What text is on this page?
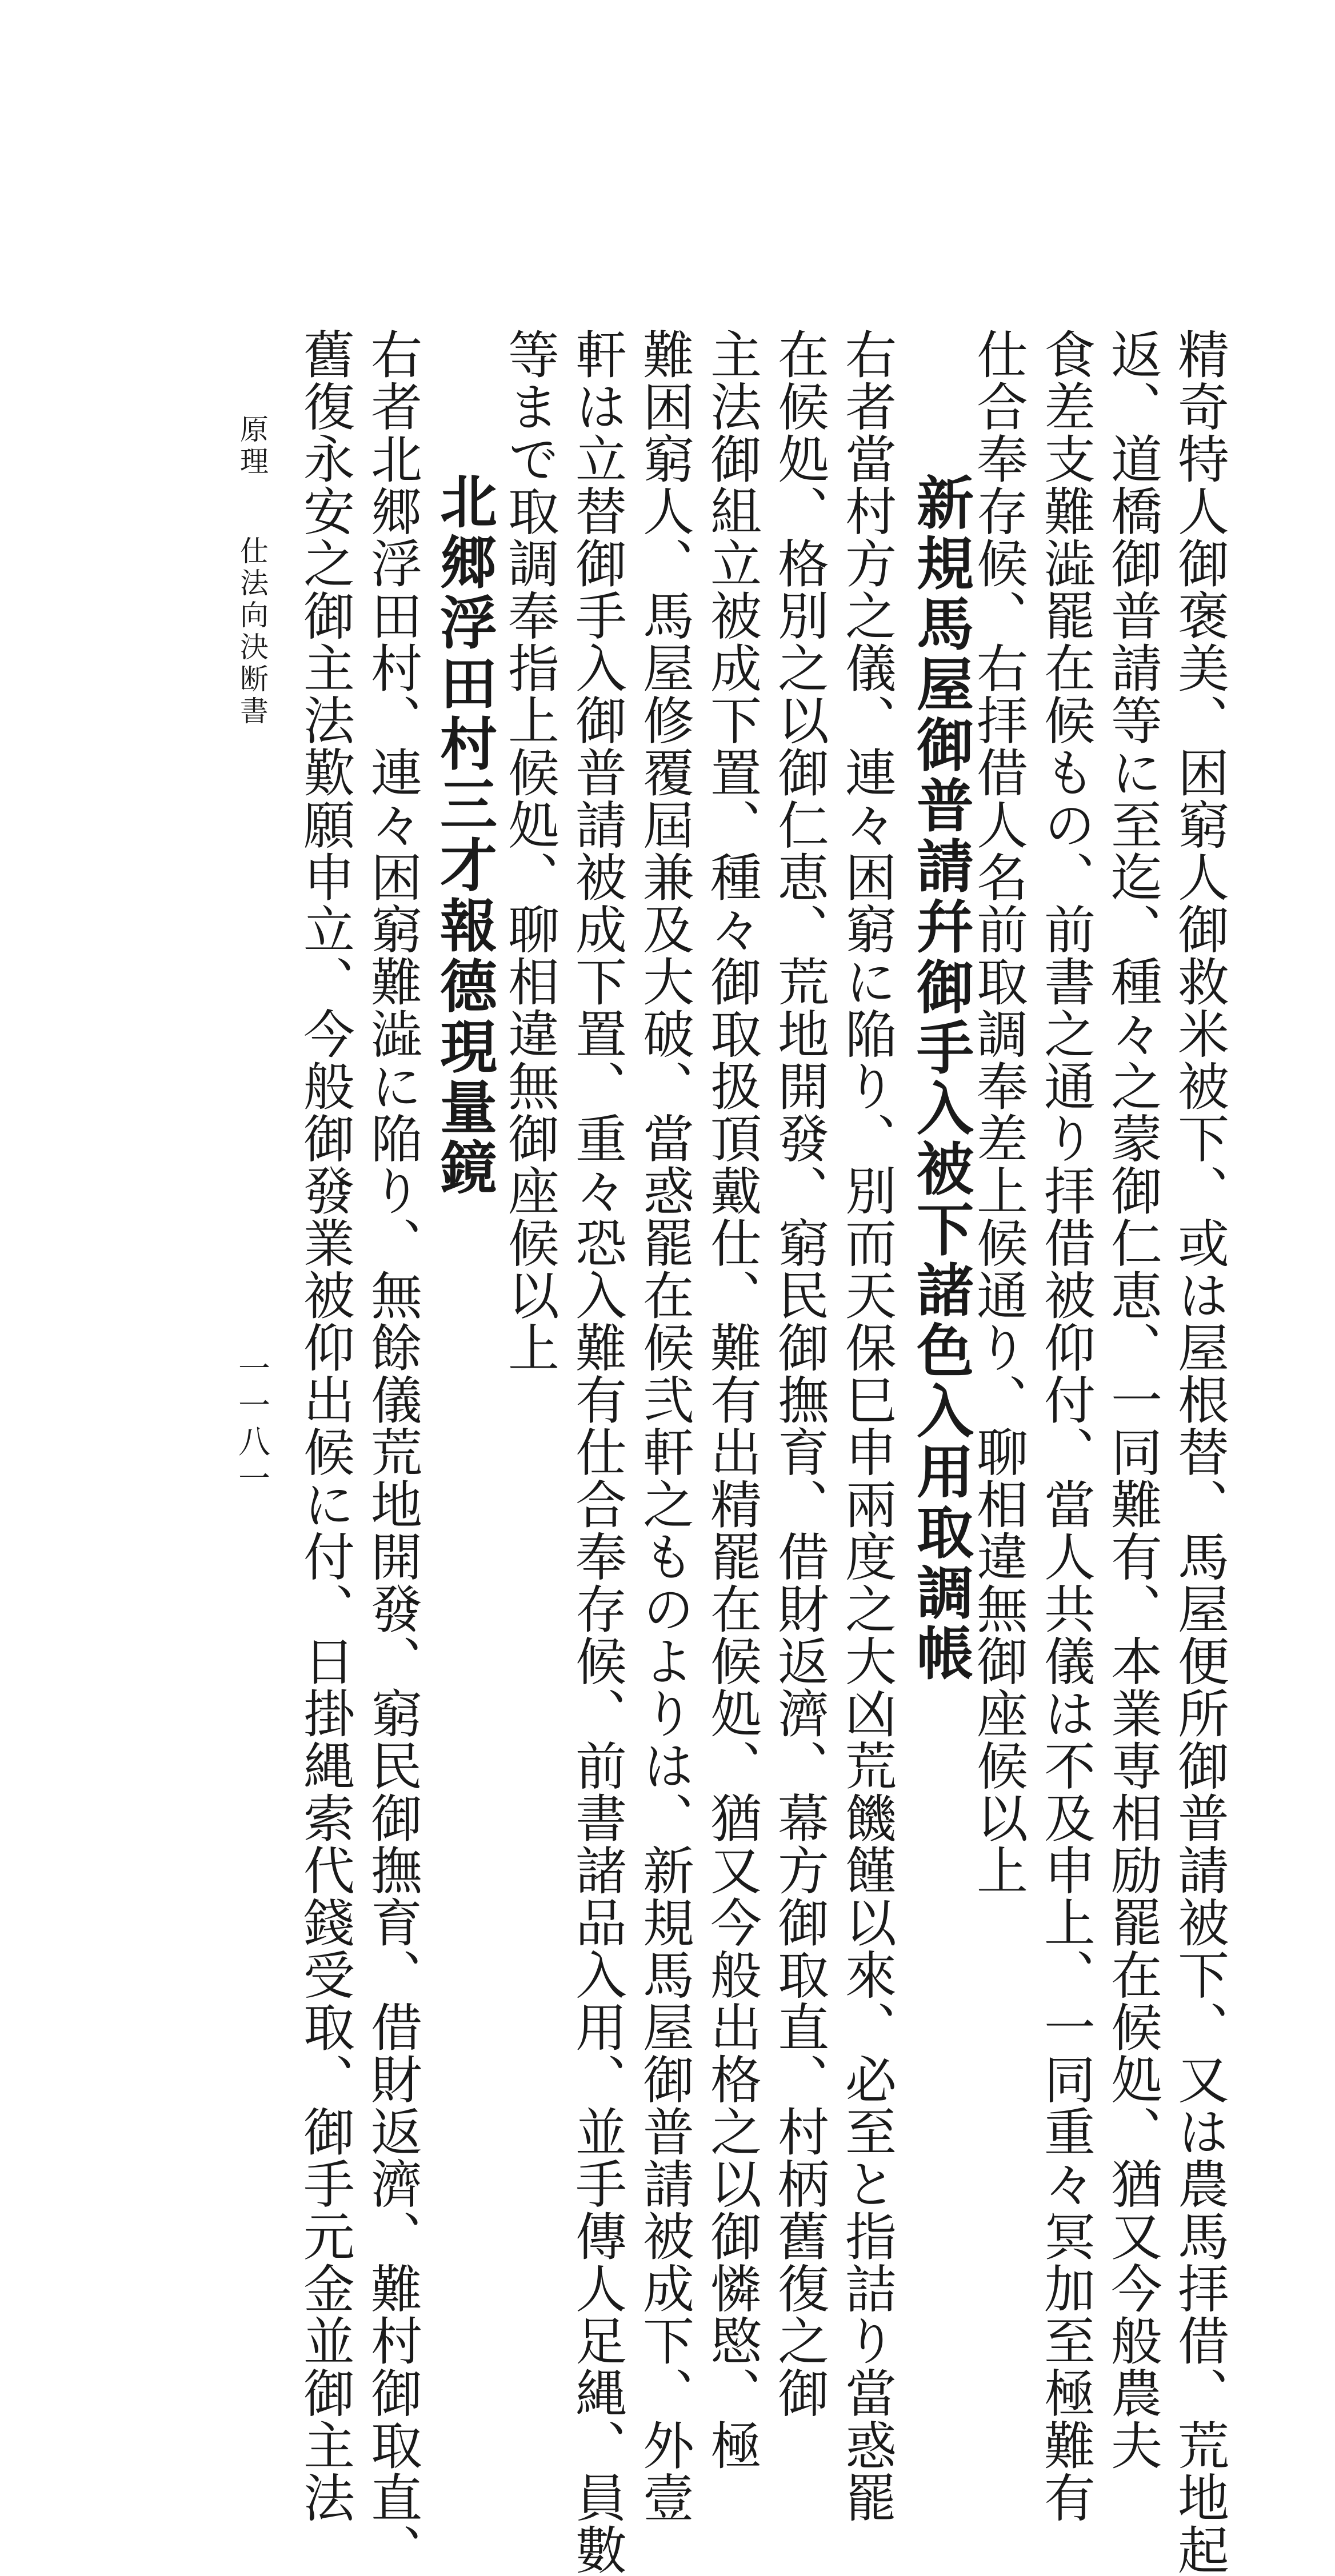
一一八一
原理
仕法向決断書	精奇特人御褒美、困窮人御救米被下、或は屋根替、馬屋便所御普請被下、又は農馬拝借、荒地起
返、道橋御普請等に至迄、種々之蒙御仁恵、一同難有、本業専相励罷在候処、猶又今般農夫
食差支難澁罷在候もの、前書之通り拝借被仰付、當人共儀は不及申上、一同重々冥加至極難有
仕合奉存候、右拝借人名前取調奉差上候通り、聊相違無御座候以上
新規馬屋御普請幷御手入被下諸色入用取調帳
右者當村方之儀、連々困窮に陥り、別而天保巳申兩度之大凶荒饑饉以來、必至と指詰り當惑罷
在候処、格別之以御仁恵、荒地開發、窮民御撫育、借財返濟、幕方御取直、村柄舊復之御
主法御組立被成下置、種々御取扱頂戴仕、難有出精罷在候処、猶又今般出格之以御憐愍、極
難困窮人、馬屋修覆屆兼及大破、當惑罷在候弐軒之ものよりは、新規馬屋御普請被成下、外壹
軒は立替御手入御普請被成下置、重々恐入難有仕合奉存候、前書諸品入用、並手傳人足縄、員數
等まで取調奉指上候処、聊相違無御座候以上
北郷浮田村三才報德現量鏡
右者北郷浮田村、連々困窮難澁に陥り、無餘儀荒地開發、窮民御撫育、借財返濟、難村御取直、
舊復永安之御主法歎願申立、今般御發業被仰出候に付、日掛縄索代錢受取、御手元金並御主法
